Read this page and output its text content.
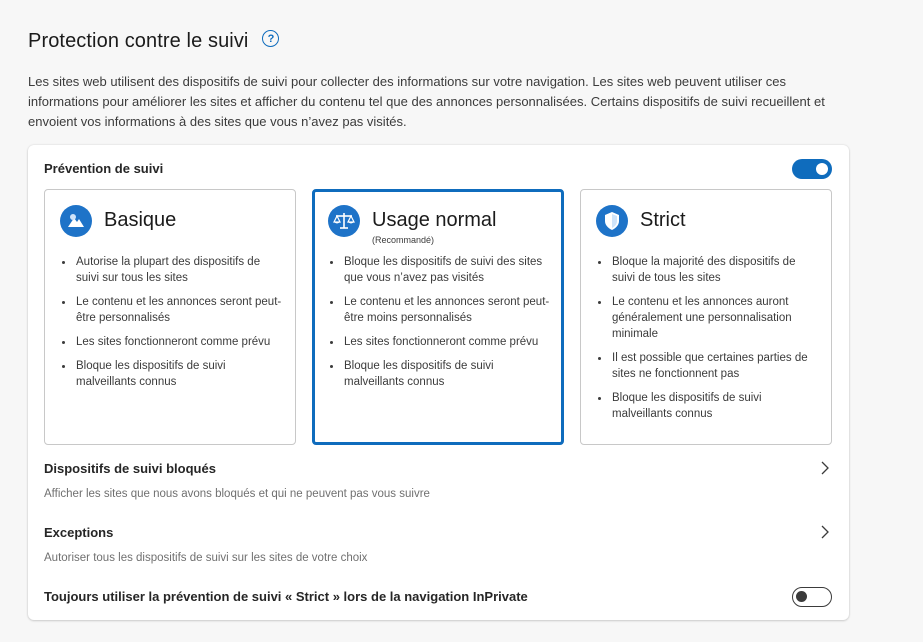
Protection contre le suivi	?

Les sites web utilisent des dispositifs de suivi pour collecter des informations sur votre navigation. Les sites web peuvent utiliser ces informations pour améliorer les sites et afficher du contenu tel que des annonces personnalisées. Certains dispositifs de suivi recueillent et envoient vos informations à des sites que vous n’avez pas visités.

Prévention de suivi
Basique
Autorise la plupart des dispositifs de suivi sur tous les sites
Le contenu et les annonces seront peut-être personnalisés
Les sites fonctionneront comme prévu
Bloque les dispositifs de suivi malveillants connus
Usage normal
(Recommandé)
Bloque les dispositifs de suivi des sites que vous n’avez pas visités
Le contenu et les annonces seront peut-être moins personnalisés
Les sites fonctionneront comme prévu
Bloque les dispositifs de suivi malveillants connus
Strict
Bloque la majorité des dispositifs de suivi de tous les sites
Le contenu et les annonces auront généralement une personnalisation minimale
Il est possible que certaines parties de sites ne fonctionnent pas
Bloque les dispositifs de suivi malveillants connus
Dispositifs de suivi bloqués
Afficher les sites que nous avons bloqués et qui ne peuvent pas vous suivre
Exceptions
Autoriser tous les dispositifs de suivi sur les sites de votre choix
Toujours utiliser la prévention de suivi « Strict » lors de la navigation InPrivate
